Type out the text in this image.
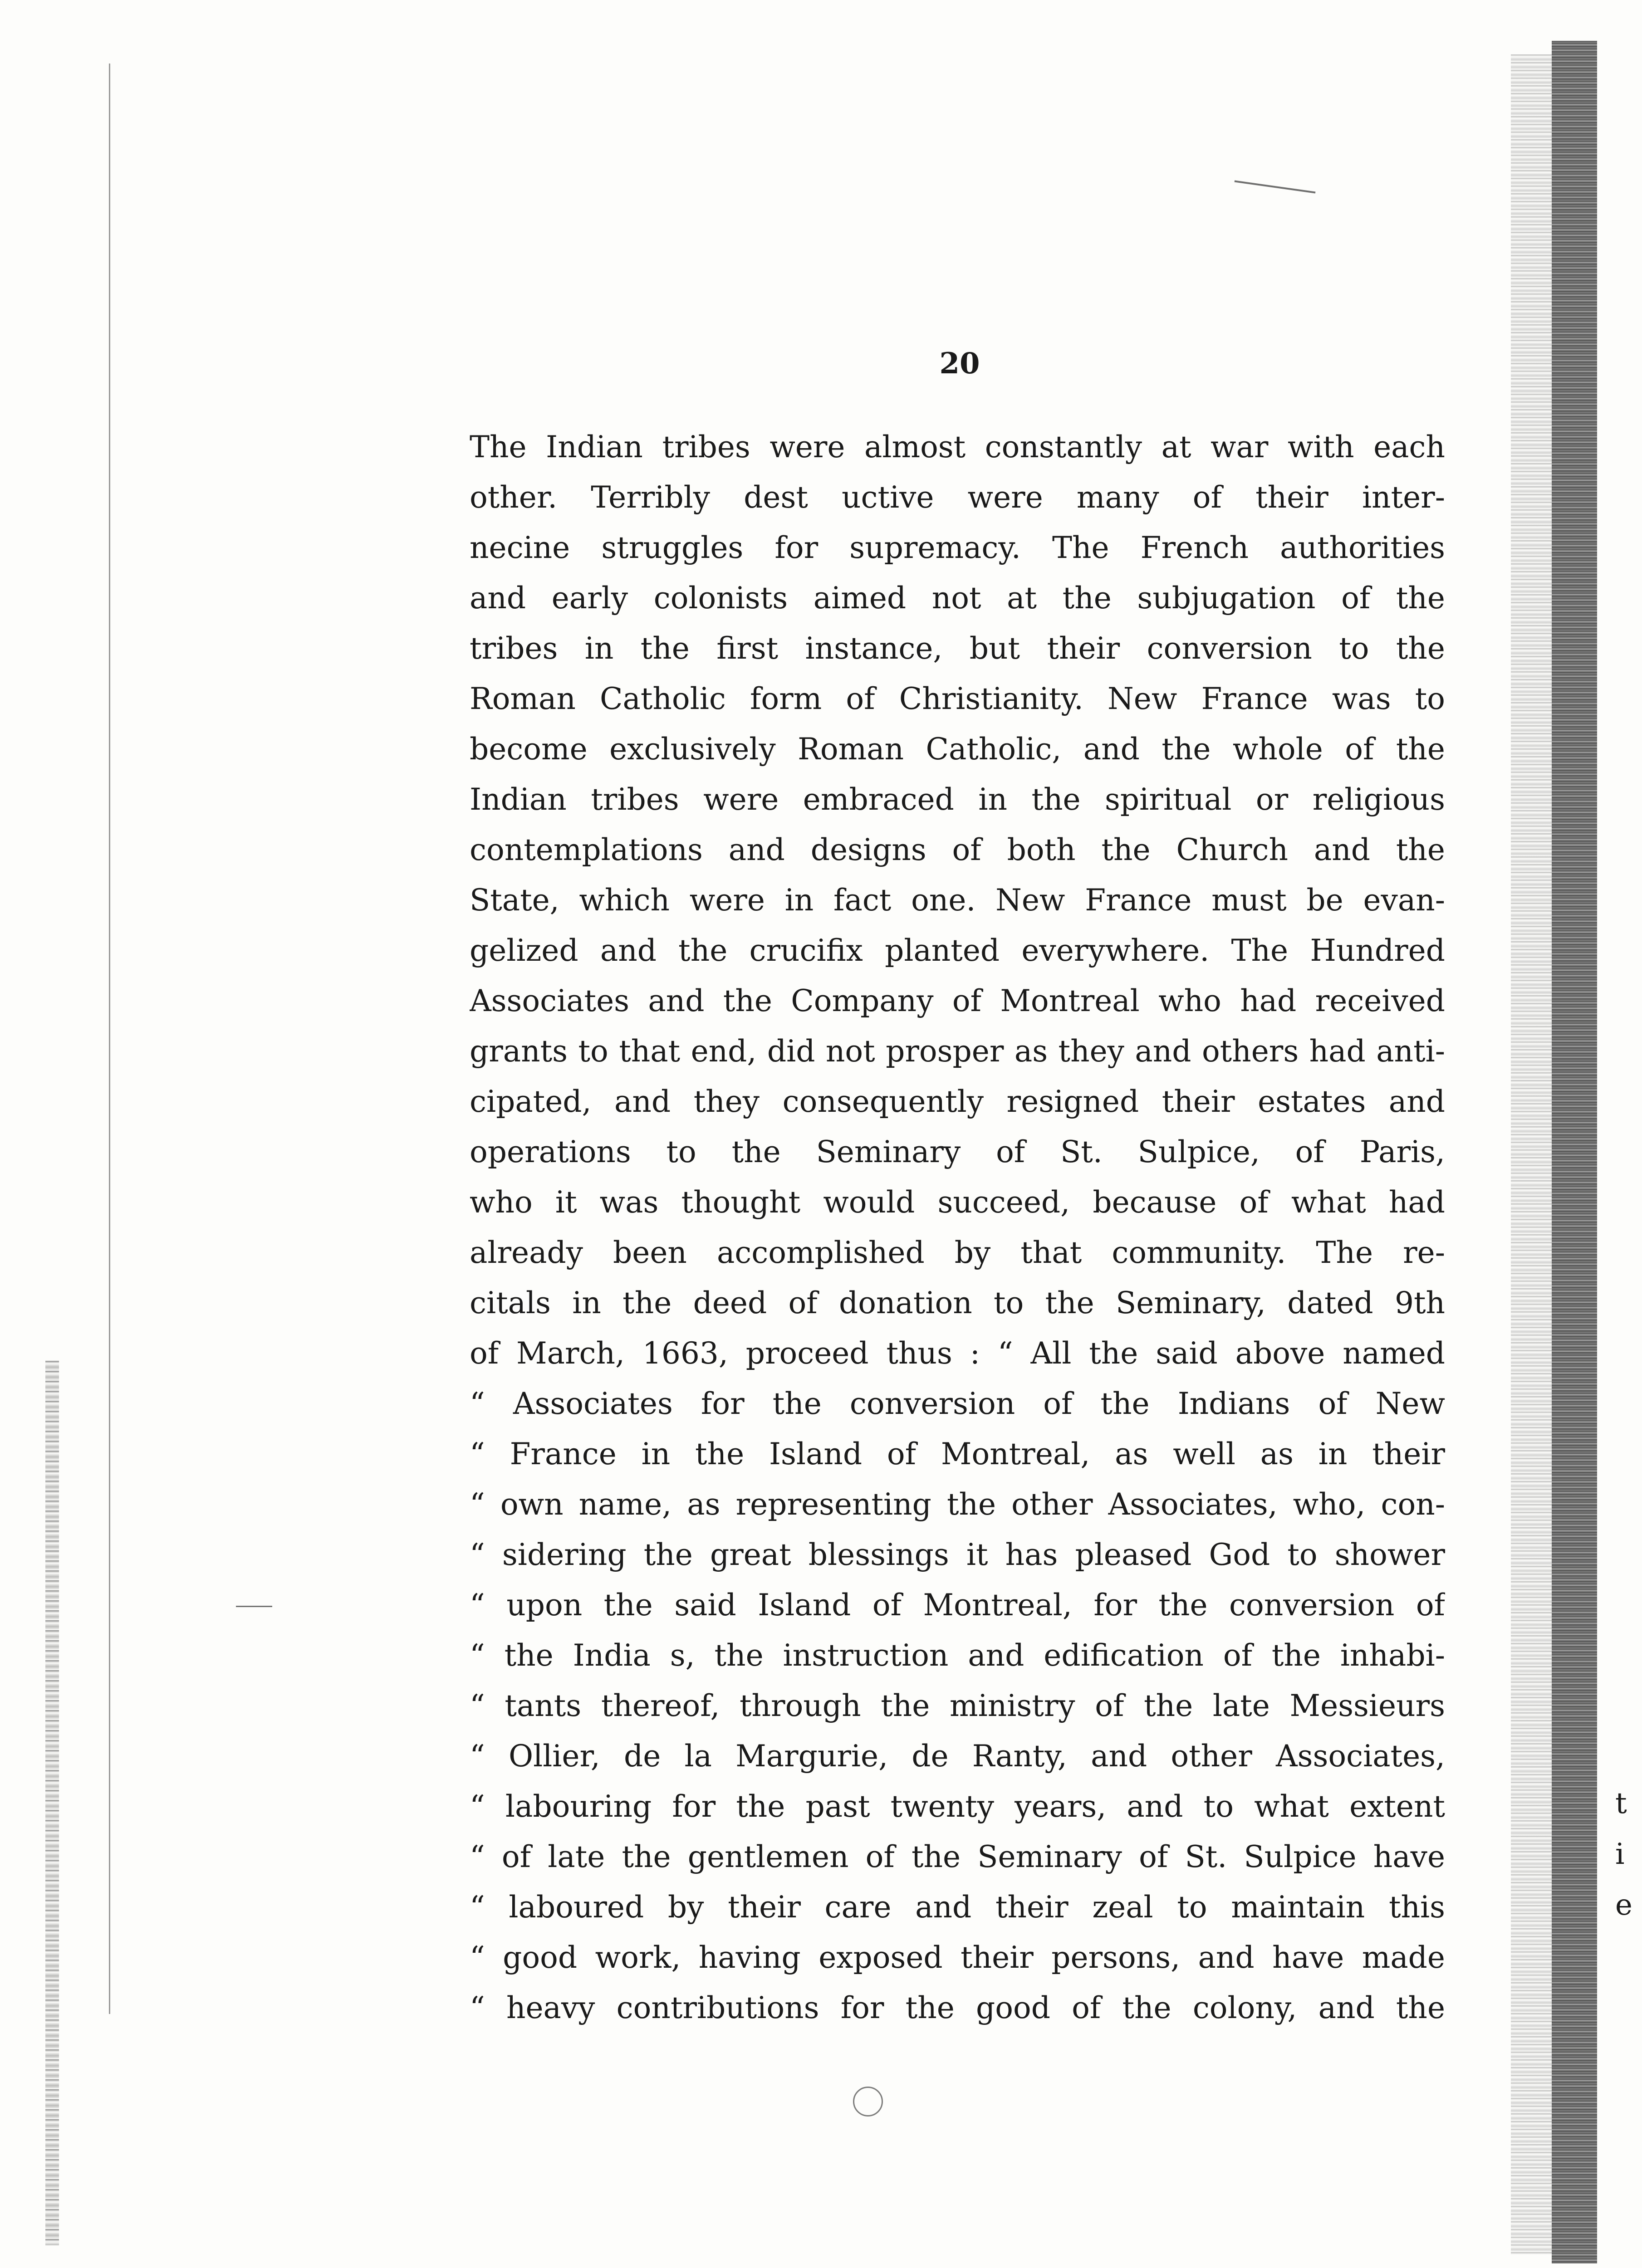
20
The Indian tribes were almost constantly at war with each
other. Terribly dest uctive were many of their inter-
necine struggles for supremacy. The French authorities
and early colonists aimed not at the subjugation of the
tribes in the first instance, but their conversion to the
Roman Catholic form of Christianity. New France was to
become exclusively Roman Catholic, and the whole of the
Indian tribes were embraced in the spiritual or religious
contemplations and designs of both the Church and the
State, which were in fact one. New France must be evan-
gelized and the crucifix planted everywhere. The Hundred
Associates and the Company of Montreal who had received
grants to that end, did not prosper as they and others had anti-
cipated, and they consequently resigned their estates and
operations to the Seminary of St. Sulpice, of Paris,
who it was thought would succeed, because of what had
already been accomplished by that community. The re-
citals in the deed of donation to the Seminary, dated 9th
of March, 1663, proceed thus : “ All the said above named
“ Associates for the conversion of the Indians of New
“ France in the Island of Montreal, as well as in their
“ own name, as representing the other Associates, who, con-
“ sidering the great blessings it has pleased God to shower
“ upon the said Island of Montreal, for the conversion of
“ the India s, the instruction and edification of the inhabi-
“ tants thereof, through the ministry of the late Messieurs
“ Ollier, de la Margurie, de Ranty, and other Associates,
“ labouring for the past twenty years, and to what extent
“ of late the gentlemen of the Seminary of St. Sulpice have
“ laboured by their care and their zeal to maintain this
“ good work, having exposed their persons, and have made
“ heavy contributions for the good of the colony, and the
t
i
e
